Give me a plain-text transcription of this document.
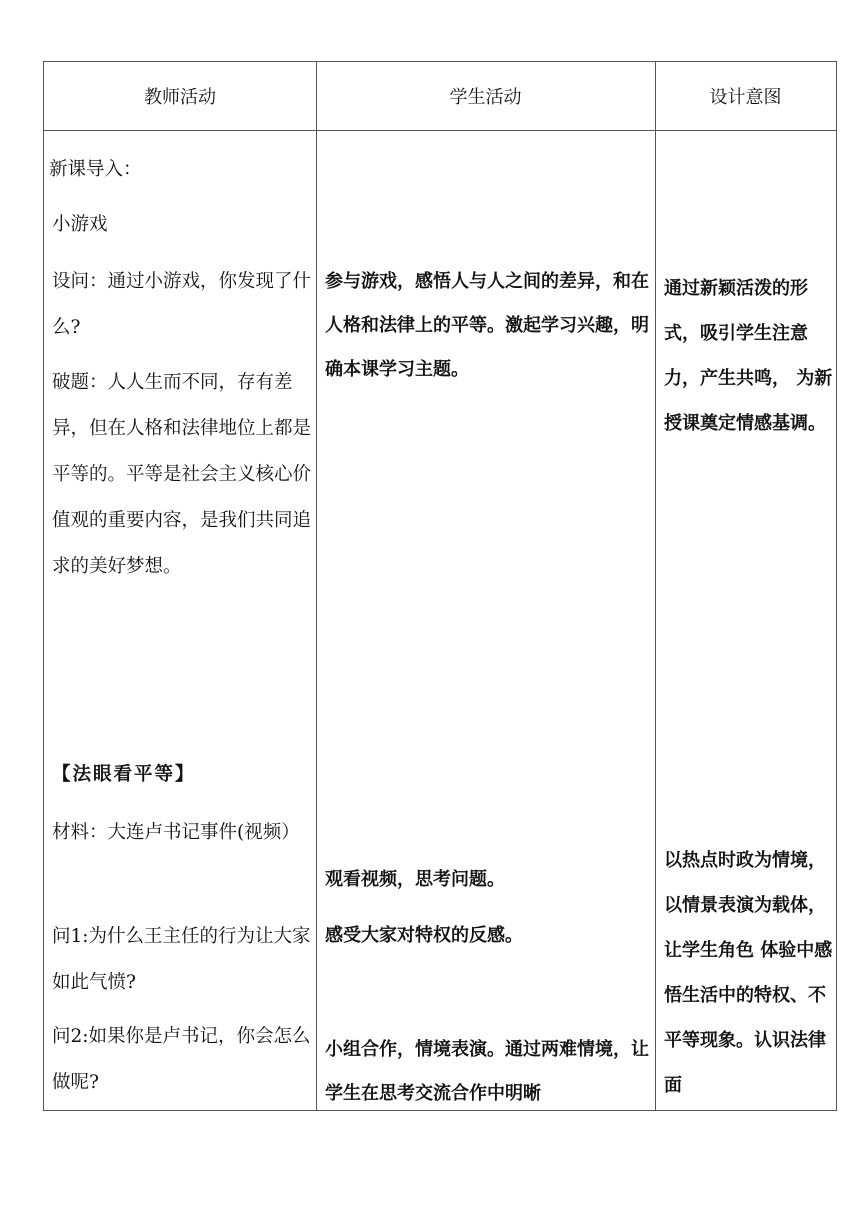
教师活动	学生活动	设计意图
新课导入：
小游戏
设问：通过小游戏，你发现了什么?
破题：人人生而不同，存有差异，但在人格和法律地位上都是平等的。平等是社会主义核心价值观的重要内容，是我们共同追求的美好梦想。
【法眼看平等】
材料：大连卢书记事件(视频）
问1:为什么王主任的行为让大家如此气愤?
问2:如果你是卢书记，你会怎么做呢?
参与游戏，感悟人与人之间的差异，和在人格和法律上的平等。激起学习兴趣，明确本课学习主题。
观看视频，思考问题。
感受大家对特权的反感。
小组合作，情境表演。通过两难情境，让学生在思考交流合作中明晰
通过新颖活泼的形式，吸引学生注意力，产生共鸣， 为新授课奠定情感基调。
以热点时政为情境，以情景表演为载体，让学生角色 体验中感悟生活中的特权、不平等现象。认识法律面
